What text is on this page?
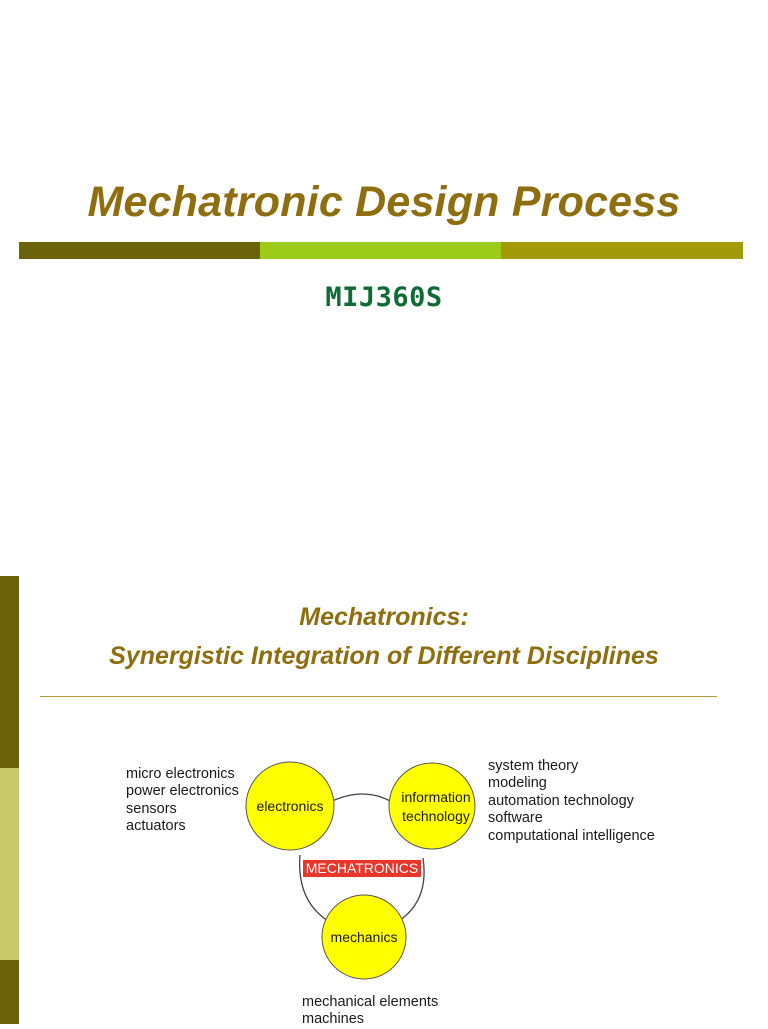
Mechatronic Design Process
MIJ360S
Mechatronics:
Synergistic Integration of Different Disciplines
electronics
information
technology
mechanics
MECHATRONICS
micro electronics
power electronics
sensors
actuators
system theory
modeling
automation technology
software
computational intelligence
mechanical elements
machines
